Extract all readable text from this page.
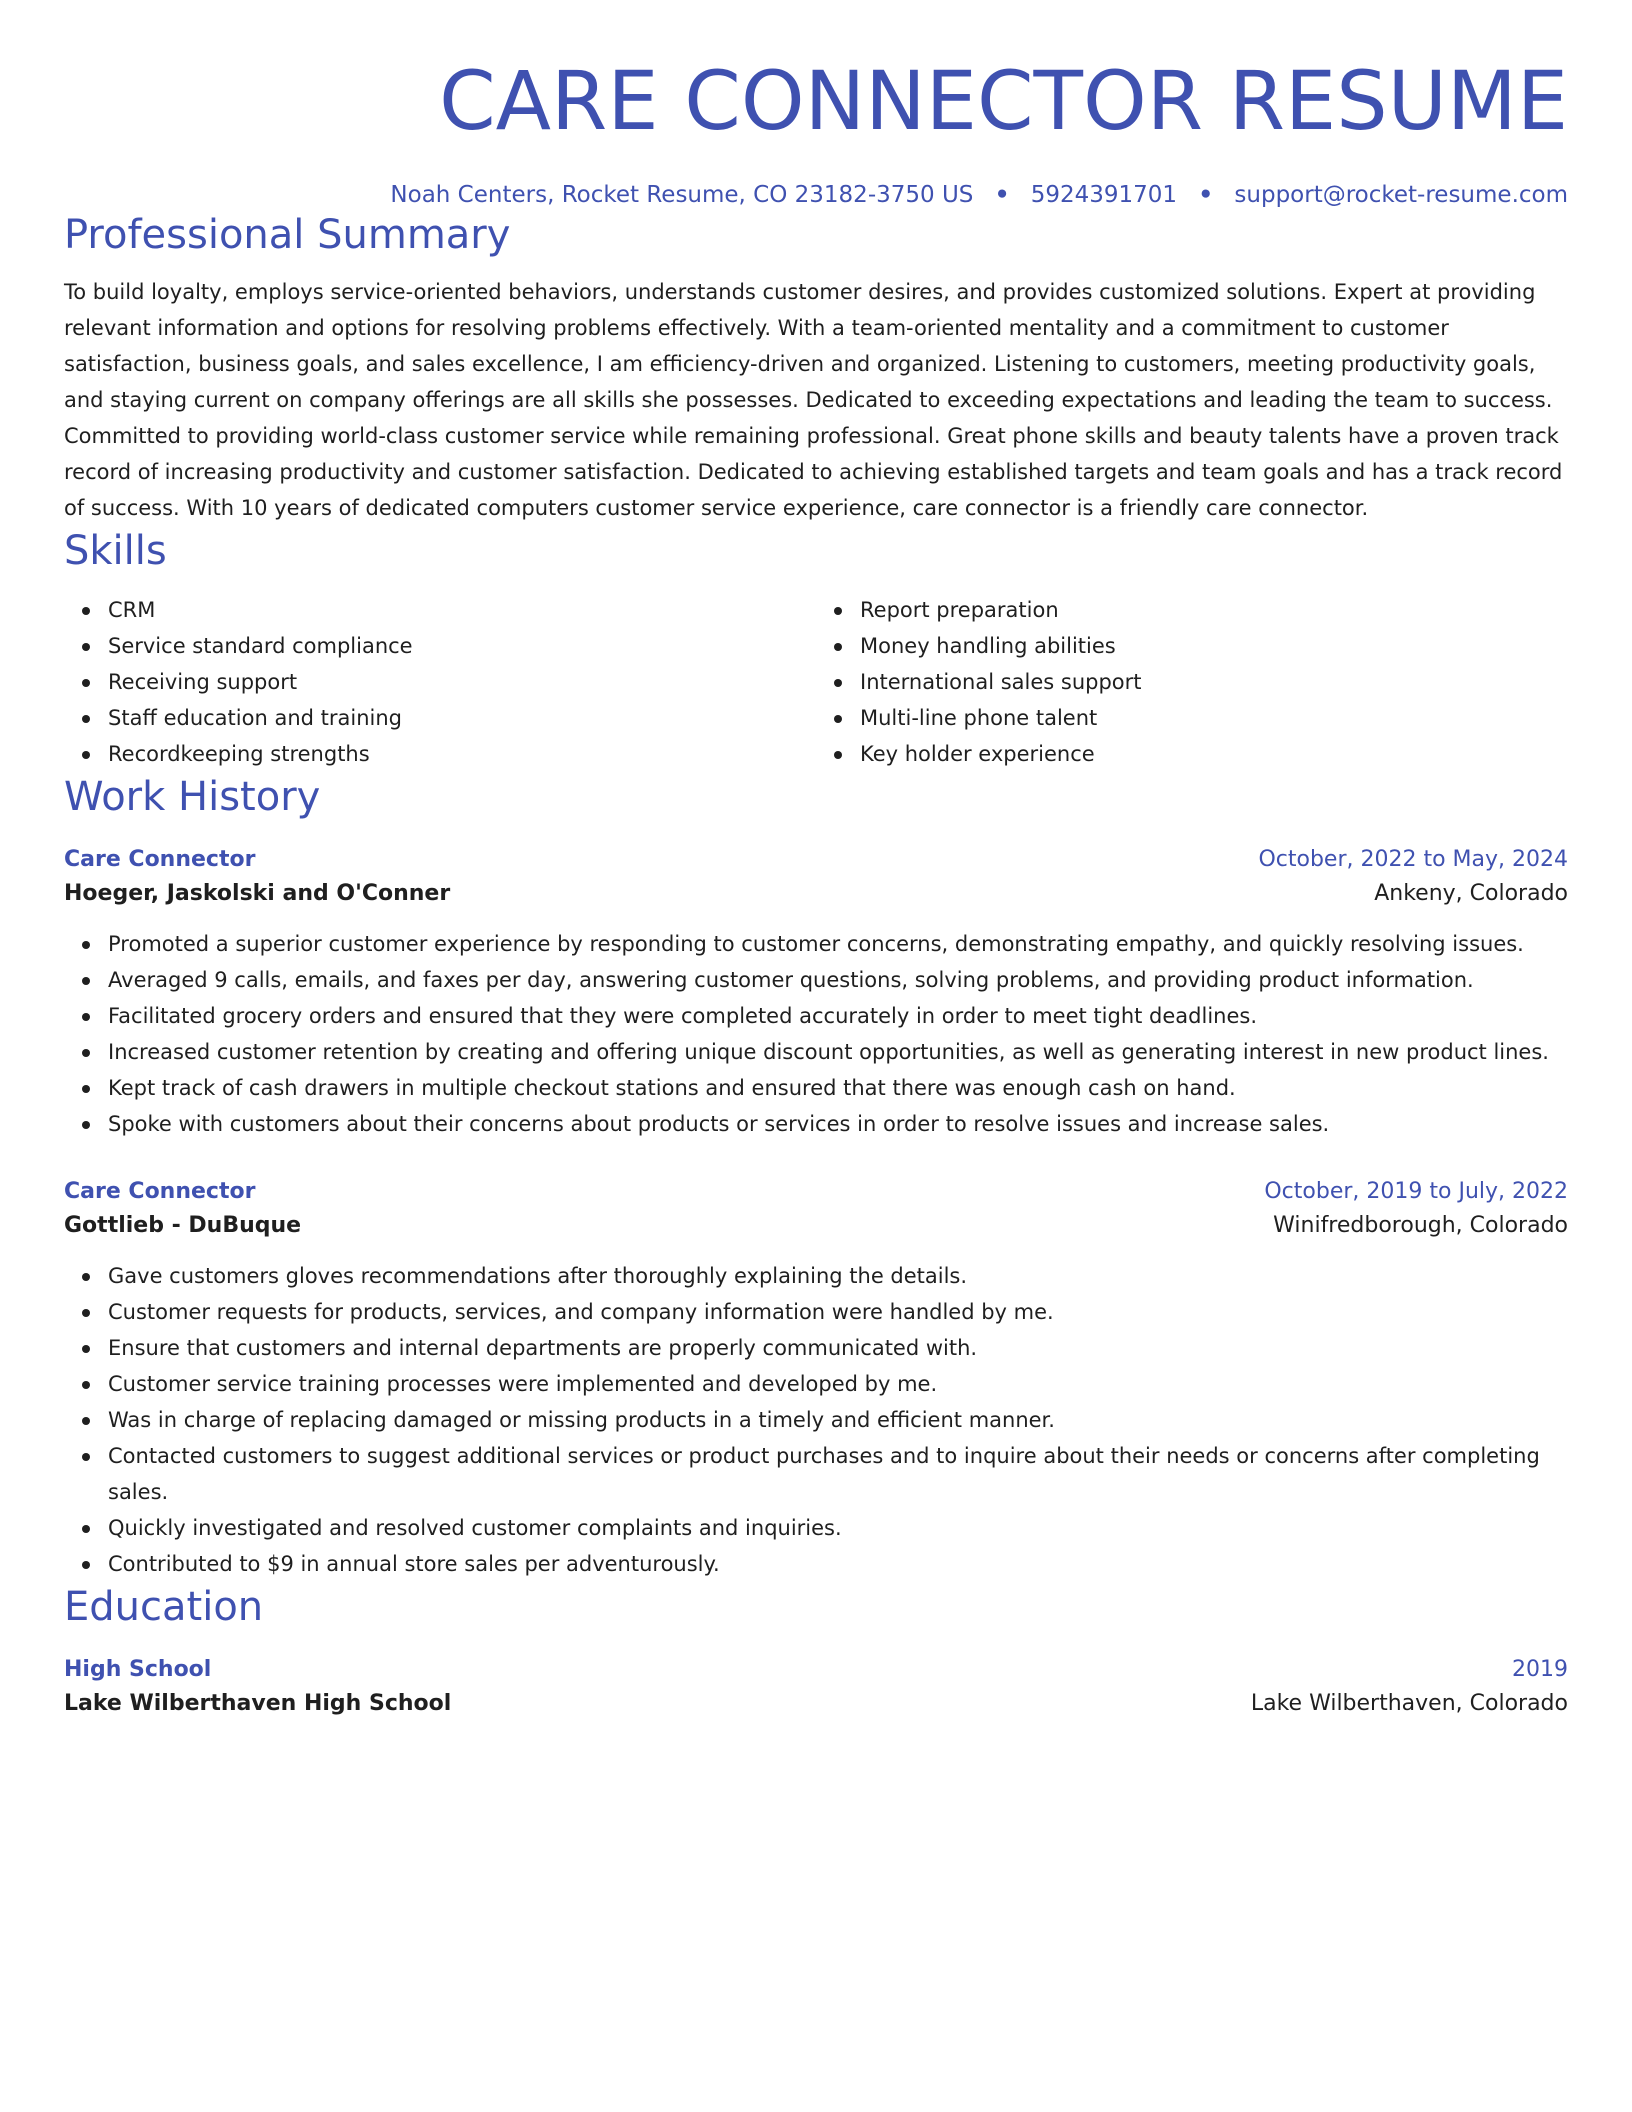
CARE CONNECTOR RESUME
Noah Centers, Rocket Resume, CO 23182-3750 US • 5924391701 • support@rocket-resume.com
Professional Summary
To build loyalty, employs service-oriented behaviors, understands customer desires, and provides customized solutions. Expert at providing relevant information and options for resolving problems effectively. With a team-oriented mentality and a commitment to customer satisfaction, business goals, and sales excellence, I am efficiency-driven and organized. Listening to customers, meeting productivity goals, and staying current on company offerings are all skills she possesses. Dedicated to exceeding expectations and leading the team to success. Committed to providing world-class customer service while remaining professional. Great phone skills and beauty talents have a proven track record of increasing productivity and customer satisfaction. Dedicated to achieving established targets and team goals and has a track record of success. With 10 years of dedicated computers customer service experience, care connector is a friendly care connector.
Skills
CRM
Service standard compliance
Receiving support
Staff education and training
Recordkeeping strengths
Report preparation
Money handling abilities
International sales support
Multi-line phone talent
Key holder experience
Work History
Care Connector	October, 2022 to May, 2024
Hoeger, Jaskolski and O'Conner	Ankeny, Colorado
Promoted a superior customer experience by responding to customer concerns, demonstrating empathy, and quickly resolving issues.
Averaged 9 calls, emails, and faxes per day, answering customer questions, solving problems, and providing product information.
Facilitated grocery orders and ensured that they were completed accurately in order to meet tight deadlines.
Increased customer retention by creating and offering unique discount opportunities, as well as generating interest in new product lines.
Kept track of cash drawers in multiple checkout stations and ensured that there was enough cash on hand.
Spoke with customers about their concerns about products or services in order to resolve issues and increase sales.
Care Connector	October, 2019 to July, 2022
Gottlieb - DuBuque	Winifredborough, Colorado
Gave customers gloves recommendations after thoroughly explaining the details.
Customer requests for products, services, and company information were handled by me.
Ensure that customers and internal departments are properly communicated with.
Customer service training processes were implemented and developed by me.
Was in charge of replacing damaged or missing products in a timely and efficient manner.
Contacted customers to suggest additional services or product purchases and to inquire about their needs or concerns after completing sales.
Quickly investigated and resolved customer complaints and inquiries.
Contributed to $9 in annual store sales per adventurously.
Education
High School	2019
Lake Wilberthaven High School	Lake Wilberthaven, Colorado
